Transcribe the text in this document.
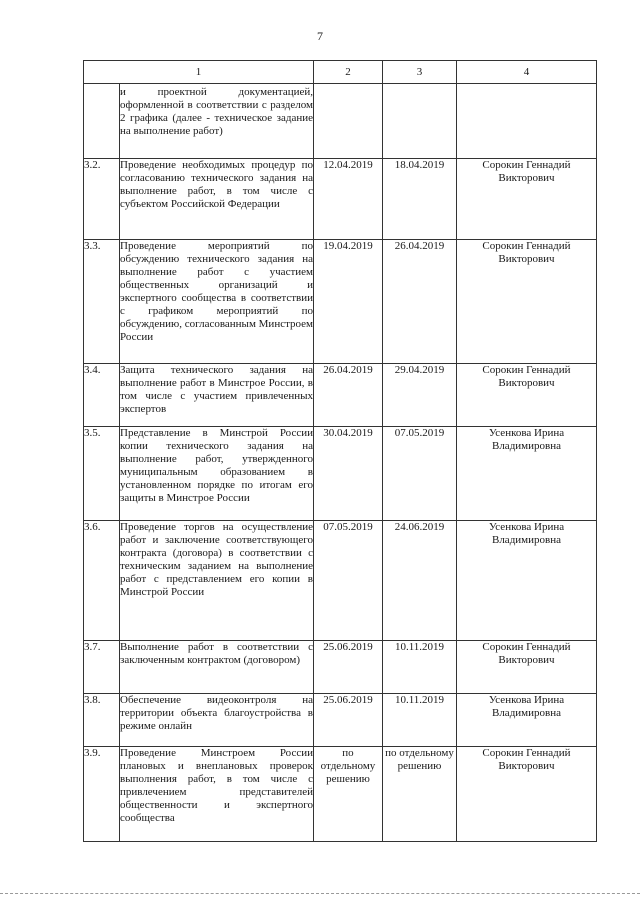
7
1		2	3	4
	и проектной документацией, оформленной в соответствии с разделом 2 графика (далее - техническое задание на выполнение работ)			
3.2.	Проведение необходимых процедур по согласованию технического задания на выполнение работ, в том числе с субъектом Российской Федерации	12.04.2019	18.04.2019	Сорокин Геннадий Викторович
3.3.	Проведение мероприятий по обсуждению технического задания на выполнение работ с участием общественных организаций и экспертного сообщества в соответствии с графиком мероприятий по обсуждению, согласованным Минстроем России	19.04.2019	26.04.2019	Сорокин Геннадий Викторович
3.4.	Защита технического задания на выполнение работ в Минстрое России, в том числе с участием привлеченных экспертов	26.04.2019	29.04.2019	Сорокин Геннадий Викторович
3.5.	Представление в Минстрой России копии технического задания на выполнение работ, утвержденного муниципальным образованием в установленном порядке по итогам его защиты в Минстрое России	30.04.2019	07.05.2019	Усенкова Ирина Владимировна
3.6.	Проведение торгов на осуществление работ и заключение соответствующего контракта (договора) в соответствии с техническим заданием на выполнение работ с представлением его копии в Минстрой России	07.05.2019	24.06.2019	Усенкова Ирина Владимировна
3.7.	Выполнение работ в соответствии с заключенным контрактом (договором)	25.06.2019	10.11.2019	Сорокин Геннадий Викторович
3.8.	Обеспечение видеоконтроля на территории объекта благоустройства в режиме онлайн	25.06.2019	10.11.2019	Усенкова Ирина Владимировна
3.9.	Проведение Минстроем России плановых и внеплановых проверок выполнения работ, в том числе с привлечением представителей общественности и экспертного сообщества	по отдельному решению	по отдельному решению	Сорокин Геннадий Викторович
